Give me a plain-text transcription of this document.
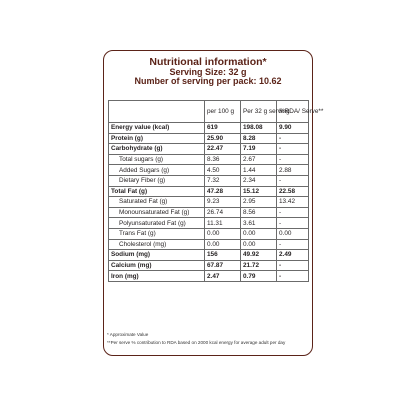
Nutritional information*
Serving Size: 32 g
Number of serving per pack: 10.62
	per 100 g	Per 32 g serving	%RDA/ Serve**
Energy value (kcal)	619	198.08	9.90
Protein (g)	25.90	8.28	-
Carbohydrate (g)	22.47	7.19	-
Total sugars (g)	8.36	2.67	-
Added Sugars (g)	4.50	1.44	2.88
Dietary Fiber (g)	7.32	2.34	-
Total Fat (g)	47.28	15.12	22.58
Saturated Fat (g)	9.23	2.95	13.42
Monounsaturated Fat (g)	26.74	8.56	-
Polyunsaturated Fat (g)	11.31	3.61	-
Trans Fat (g)	0.00	0.00	0.00
Cholesterol (mg)	0.00	0.00	-
Sodium (mg)	156	49.92	2.49
Calcium (mg)	67.87	21.72	-
Iron (mg)	2.47	0.79	-
* Approximate Value
**Per serve % contribution to RDA based on 2000 kcal energy for average adult per day
